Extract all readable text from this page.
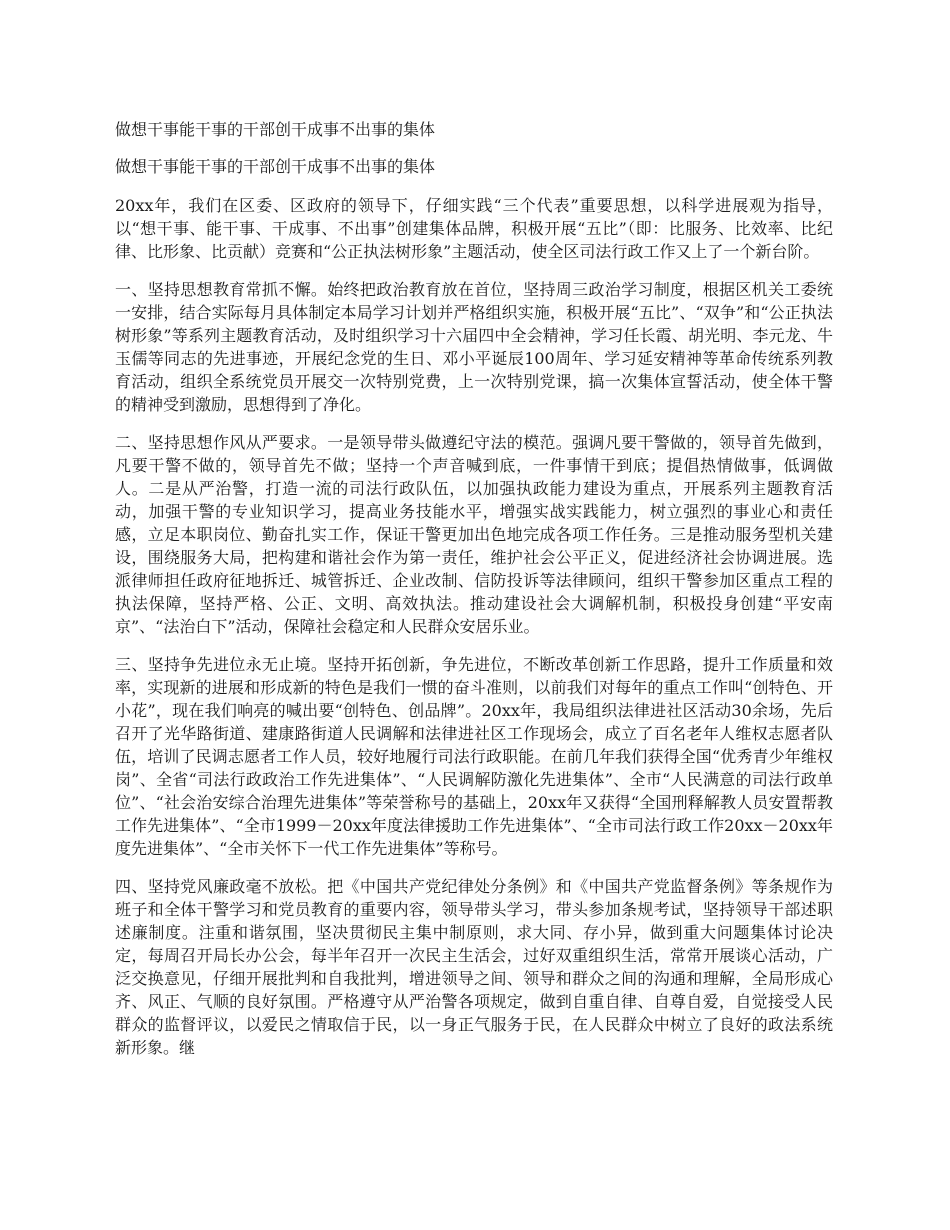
做想干事能干事的干部创干成事不出事的集体

做想干事能干事的干部创干成事不出事的集体

20xx年，我们在区委、区政府的领导下，仔细实践“三个代表”重要思想，以科学进展观为指导，以“想干事、能干事、干成事、不出事”创建集体品牌，积极开展“五比”（即：比服务、比效率、比纪律、比形象、比贡献）竞赛和“公正执法树形象”主题活动，使全区司法行政工作又上了一个新台阶。

一、坚持思想教育常抓不懈。始终把政治教育放在首位，坚持周三政治学习制度，根据区机关工委统一安排，结合实际每月具体制定本局学习计划并严格组织实施，积极开展“五比”、“双争”和“公正执法树形象”等系列主题教育活动，及时组织学习十六届四中全会精神，学习任长霞、胡光明、李元龙、牛玉儒等同志的先进事迹，开展纪念党的生日、邓小平诞辰100周年、学习延安精神等革命传统系列教育活动，组织全系统党员开展交一次特别党费，上一次特别党课，搞一次集体宣誓活动，使全体干警的精神受到激励，思想得到了净化。

二、坚持思想作风从严要求。一是领导带头做遵纪守法的模范。强调凡要干警做的，领导首先做到，凡要干警不做的，领导首先不做；坚持一个声音喊到底，一件事情干到底；提倡热情做事，低调做人。二是从严治警，打造一流的司法行政队伍，以加强执政能力建设为重点，开展系列主题教育活动，加强干警的专业知识学习，提高业务技能水平，增强实战实践能力，树立强烈的事业心和责任感，立足本职岗位、勤奋扎实工作，保证干警更加出色地完成各项工作任务。三是推动服务型机关建设，围绕服务大局，把构建和谐社会作为第一责任，维护社会公平正义，促进经济社会协调进展。选派律师担任政府征地拆迁、城管拆迁、企业改制、信防投诉等法律顾问，组织干警参加区重点工程的执法保障，坚持严格、公正、文明、高效执法。推动建设社会大调解机制，积极投身创建“平安南京”、“法治白下”活动，保障社会稳定和人民群众安居乐业。

三、坚持争先进位永无止境。坚持开拓创新，争先进位，不断改革创新工作思路，提升工作质量和效率，实现新的进展和形成新的特色是我们一惯的奋斗准则，以前我们对每年的重点工作叫“创特色、开小花”，现在我们响亮的喊出要“创特色、创品牌”。20xx年，我局组织法律进社区活动30余场，先后召开了光华路街道、建康路街道人民调解和法律进社区工作现场会，成立了百名老年人维权志愿者队伍，培训了民调志愿者工作人员，较好地履行司法行政职能。在前几年我们获得全国“优秀青少年维权岗”、全省“司法行政政治工作先进集体”、“人民调解防激化先进集体”、全市“人民满意的司法行政单位”、“社会治安综合治理先进集体”等荣誉称号的基础上，20xx年又获得“全国刑释解教人员安置帮教工作先进集体”、“全市1999－20xx年度法律援助工作先进集体”、“全市司法行政工作20xx－20xx年度先进集体”、“全市关怀下一代工作先进集体”等称号。

四、坚持党风廉政毫不放松。把《中国共产党纪律处分条例》和《中国共产党监督条例》等条规作为班子和全体干警学习和党员教育的重要内容，领导带头学习，带头参加条规考试，坚持领导干部述职述廉制度。注重和谐氛围，坚决贯彻民主集中制原则，求大同、存小异，做到重大问题集体讨论决定，每周召开局长办公会，每半年召开一次民主生活会，过好双重组织生活，常常开展谈心活动，广泛交换意见，仔细开展批判和自我批判，增进领导之间、领导和群众之间的沟通和理解，全局形成心齐、风正、气顺的良好氛围。严格遵守从严治警各项规定，做到自重自律、自尊自爱，自觉接受人民群众的监督评议，以爱民之情取信于民，以一身正气服务于民，在人民群众中树立了良好的政法系统新形象。继
